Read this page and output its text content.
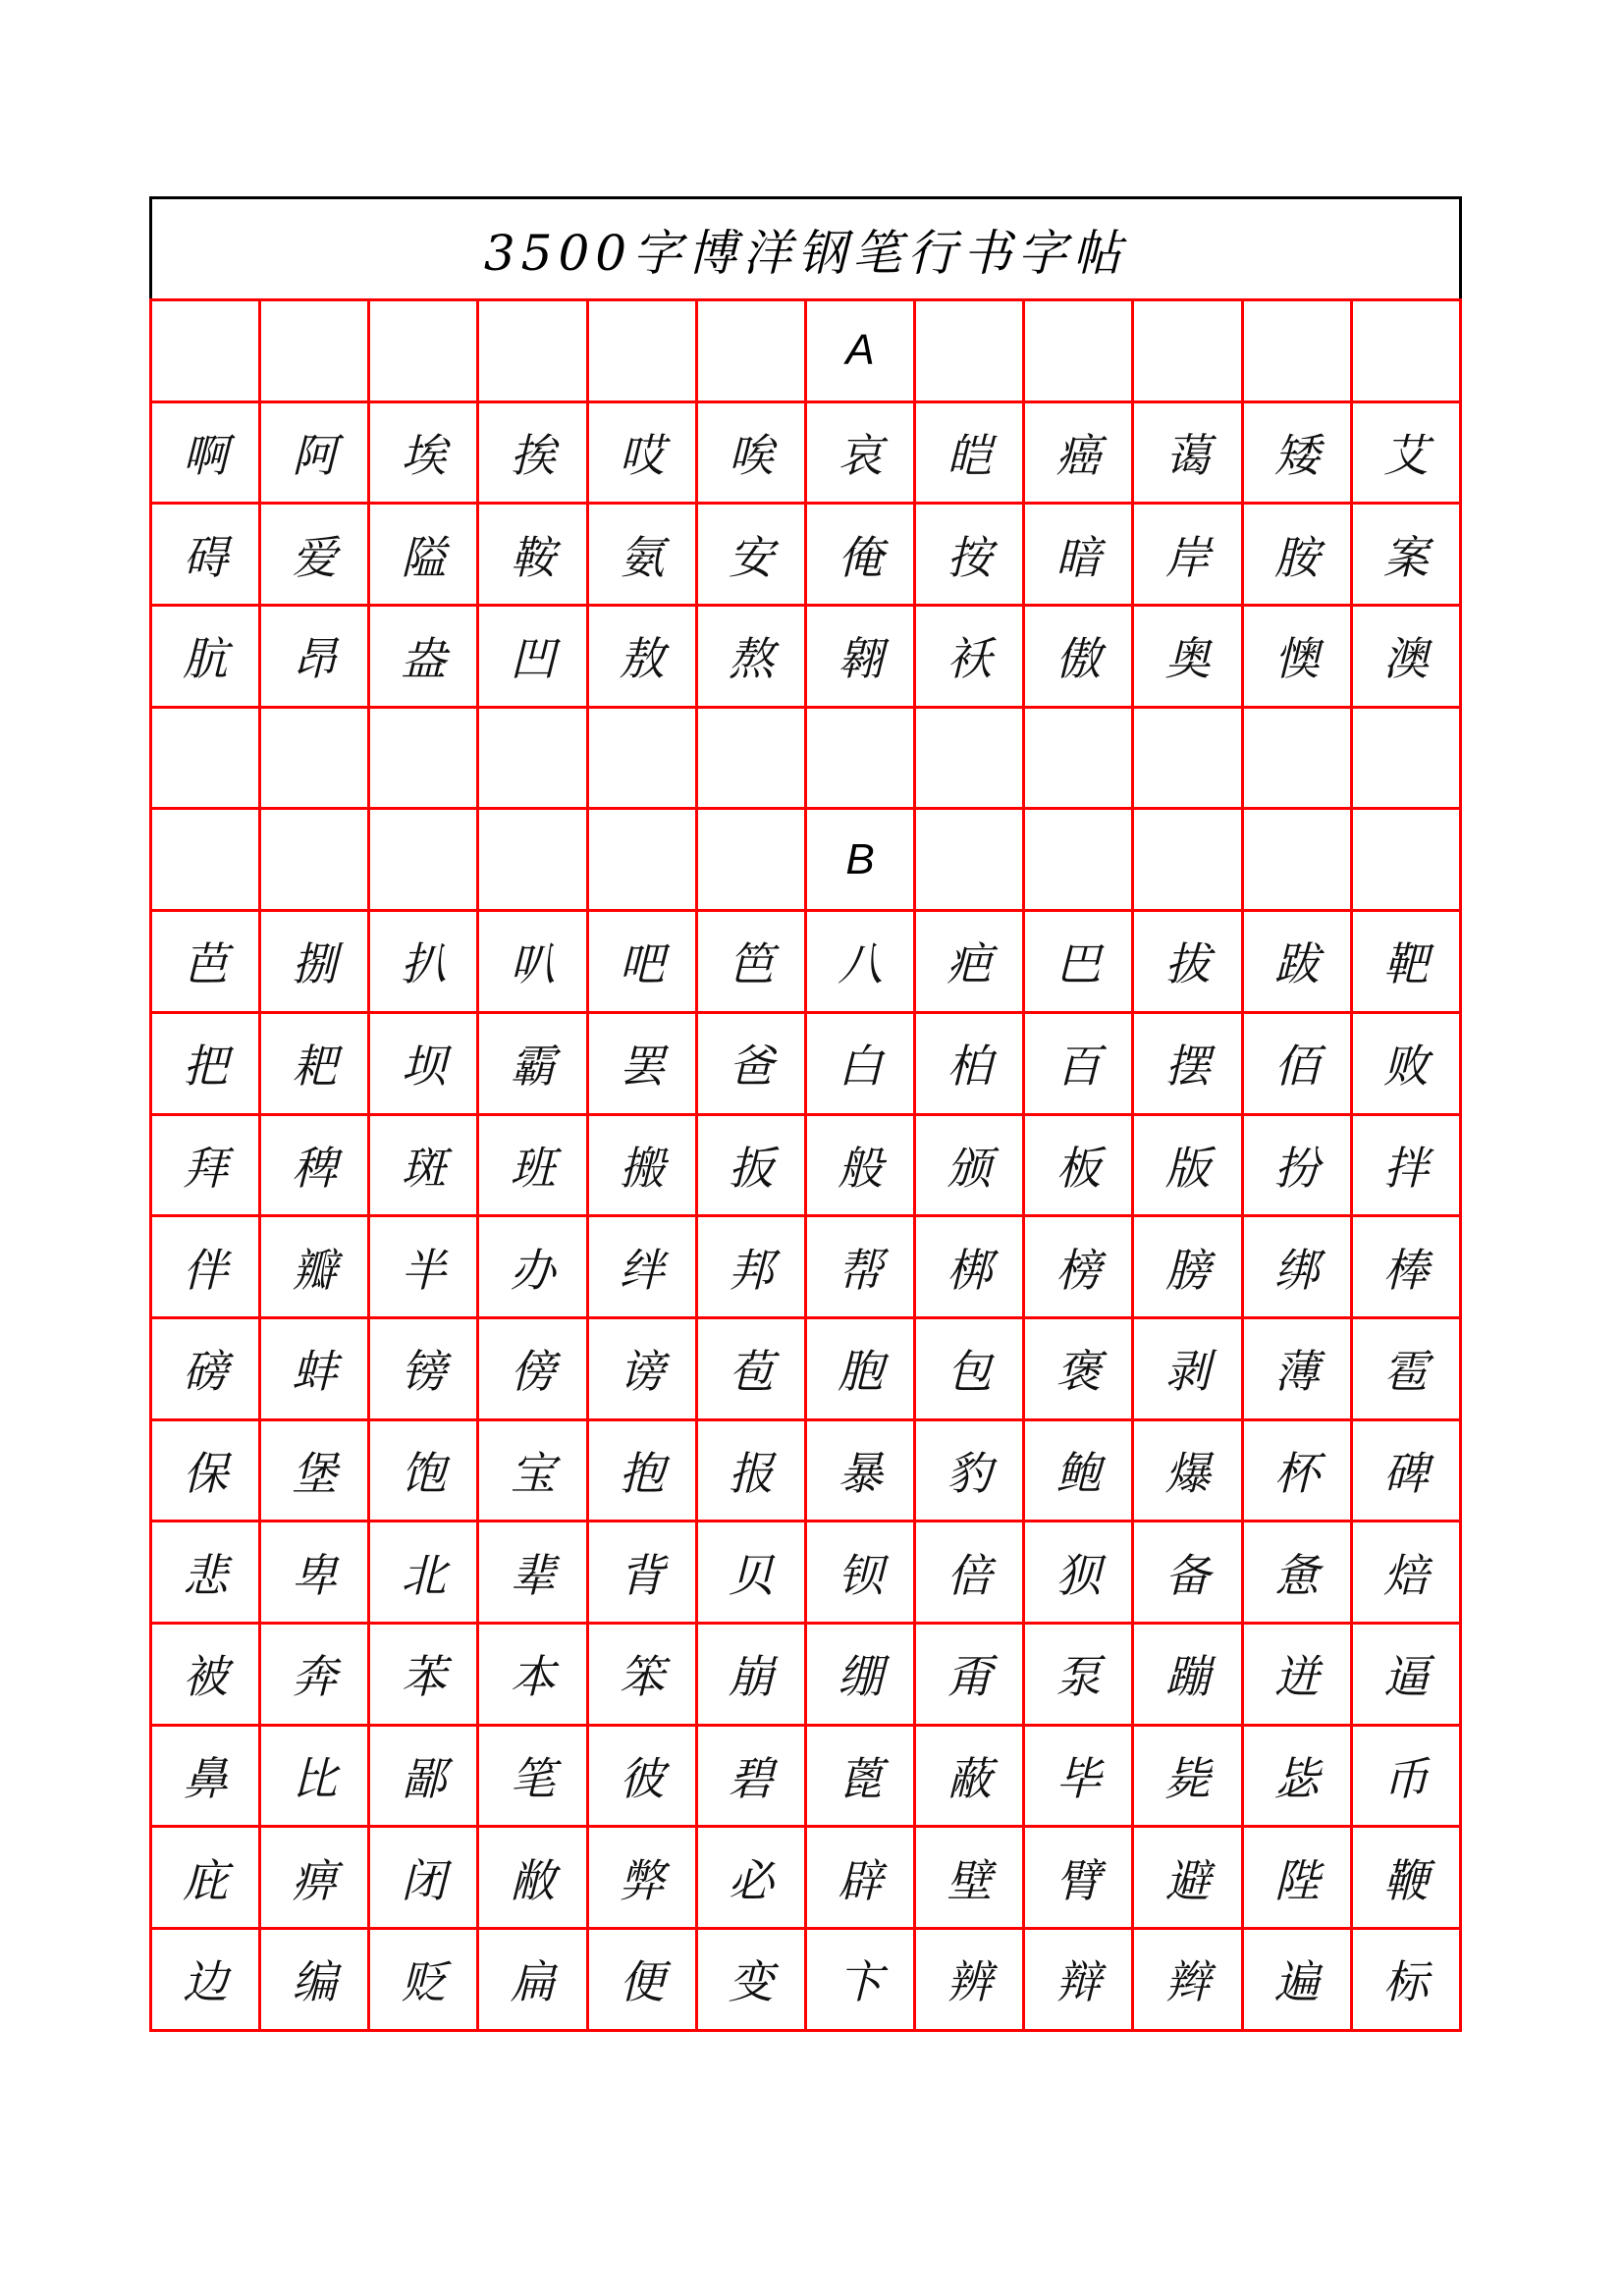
3500字博洋钢笔行书字帖
A
啊	阿	埃	挨	哎	唉	哀	皑	癌	蔼	矮	艾
碍	爱	隘	鞍	氨	安	俺	按	暗	岸	胺	案
肮	昂	盎	凹	敖	熬	翱	袄	傲	奥	懊	澳
B
芭	捌	扒	叭	吧	笆	八	疤	巴	拔	跋	靶
把	耙	坝	霸	罢	爸	白	柏	百	摆	佰	败
拜	稗	斑	班	搬	扳	般	颁	板	版	扮	拌
伴	瓣	半	办	绊	邦	帮	梆	榜	膀	绑	棒
磅	蚌	镑	傍	谤	苞	胞	包	褒	剥	薄	雹
保	堡	饱	宝	抱	报	暴	豹	鲍	爆	杯	碑
悲	卑	北	辈	背	贝	钡	倍	狈	备	惫	焙
被	奔	苯	本	笨	崩	绷	甭	泵	蹦	迸	逼
鼻	比	鄙	笔	彼	碧	蓖	蔽	毕	毙	毖	币
庇	痹	闭	敝	弊	必	辟	壁	臂	避	陛	鞭
边	编	贬	扁	便	变	卞	辨	辩	辫	遍	标
